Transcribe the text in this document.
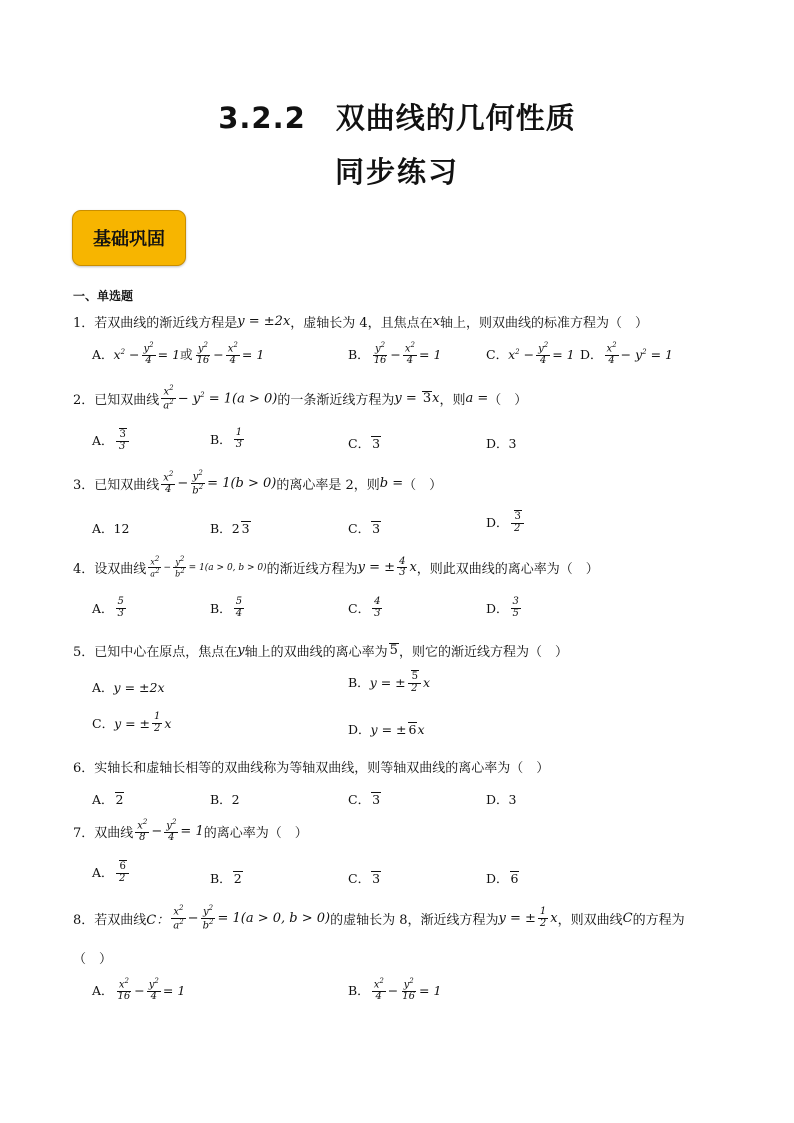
3.2.2　双曲线的几何性质
同步练习
基础巩固
一、单选题
1．若双曲线的渐近线方程是 y = ±2x ，虚轴长为 4，且焦点在 x 轴上，则双曲线的标准方程为（　）
A． $x^2 - \frac{y^2}{4} = 1$ 或 $\frac{y^2}{16} - \frac{x^2}{4} = 1$	B． $\frac{y^2}{16} - \frac{x^2}{4} = 1$	C． $x^2 - \frac{y^2}{4} = 1$ D． $\frac{x^2}{4} - y^2 = 1$
2．已知双曲线 $\frac{x^2}{a^2} - y^2 = 1(a > 0)$ 的一条渐近线方程为 y = 3x ，则 a = （　）
A． $\frac{3}{3}$	B． $\frac{1}{3}$	C． 3	D．3
3．已知双曲线 $\frac{x^2}{4} - \frac{y^2}{b^2} = 1(b > 0)$ 的离心率是 2，则 b = （　）
A．12	B． 2 3	C． 3	D． $\frac{3}{2}$
4．设双曲线 $\frac{x2}{a2} - \frac{y2}{b2} = 1(a > 0$, b > 0) 的渐近线方程为 y = ± $\frac{4}{3}$ x ，则此双曲线的离心率为（　）
A． $\frac{5}{3}$	B． $\frac{5}{4}$	C． $\frac{4}{3}$	D． $\frac{3}{5}$
5．已知中心在原点，焦点在 y 轴上的双曲线的离心率为 5 ，则它的渐近线方程为（　）
A． y = ±2x	B． y = ± $\frac{5}{2}$ x
C． y = ± $\frac{1}{2}$ x	D． y = ± 6x
6．实轴长和虚轴长相等的双曲线称为等轴双曲线，则等轴双曲线的离心率为（　）
A． 2	B．2	C． 3	D．3
7．双曲线 $\frac{x^2}{8} - \frac{y^2}{4} = 1$ 的离心率为（　）
A． $\frac{6}{2}$	B． 2	C． 3	D． 6
8．若双曲线 C： $\frac{x^2}{a^2} - \frac{y^2}{b^2} = 1(a > 0$, b > 0) 的虚轴长为 8，渐近线方程为 y = ± $\frac{1}{2}$ x ，则双曲线 C 的方程为
（　）
A． $\frac{x^2}{16} - \frac{y^2}{4} = 1$	B． $\frac{x^2}{4} - \frac{y^2}{16} = 1$
